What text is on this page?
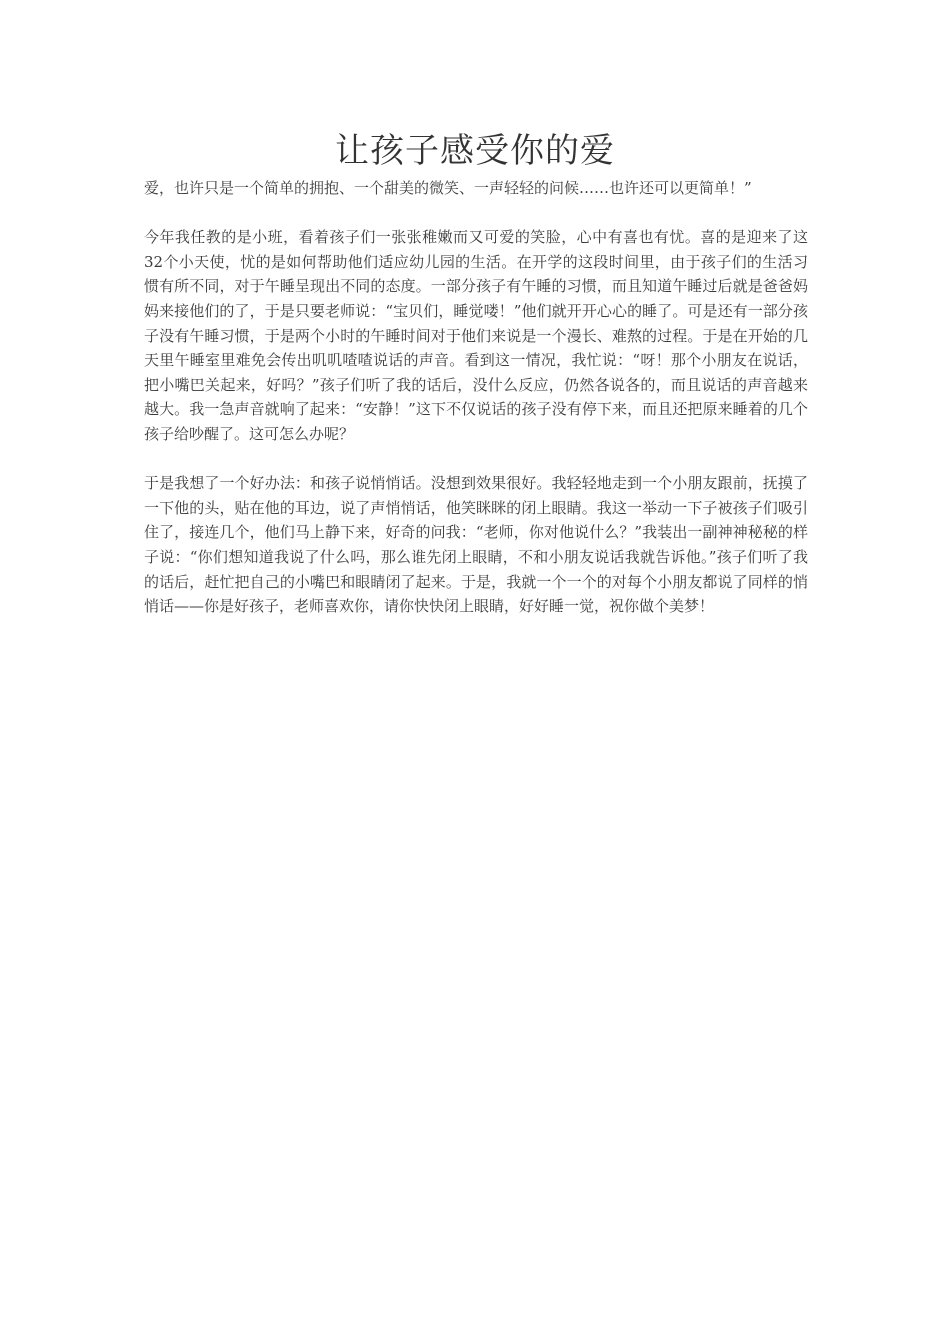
让孩子感受你的爱

爱，也许只是一个简单的拥抱、一个甜美的微笑、一声轻轻的问候……也许还可以更简单！”

今年我任教的是小班，看着孩子们一张张稚嫩而又可爱的笑脸，心中有喜也有忧。喜的是迎来了这32个小天使，忧的是如何帮助他们适应幼儿园的生活。在开学的这段时间里，由于孩子们的生活习惯有所不同，对于午睡呈现出不同的态度。一部分孩子有午睡的习惯，而且知道午睡过后就是爸爸妈妈来接他们的了，于是只要老师说：“宝贝们，睡觉喽！”他们就开开心心的睡了。可是还有一部分孩子没有午睡习惯，于是两个小时的午睡时间对于他们来说是一个漫长、难熬的过程。于是在开始的几天里午睡室里难免会传出叽叽喳喳说话的声音。看到这一情况，我忙说：“呀！那个小朋友在说话，把小嘴巴关起来，好吗？”孩子们听了我的话后，没什么反应，仍然各说各的，而且说话的声音越来越大。我一急声音就响了起来：“安静！”这下不仅说话的孩子没有停下来，而且还把原来睡着的几个孩子给吵醒了。这可怎么办呢？

于是我想了一个好办法：和孩子说悄悄话。没想到效果很好。我轻轻地走到一个小朋友跟前，抚摸了一下他的头，贴在他的耳边，说了声悄悄话，他笑眯眯的闭上眼睛。我这一举动一下子被孩子们吸引住了，接连几个，他们马上静下来，好奇的问我：“老师，你对他说什么？”我装出一副神神秘秘的样子说：“你们想知道我说了什么吗，那么谁先闭上眼睛，不和小朋友说话我就告诉他。”孩子们听了我的话后，赶忙把自己的小嘴巴和眼睛闭了起来。于是，我就一个一个的对每个小朋友都说了同样的悄悄话——你是好孩子，老师喜欢你，请你快快闭上眼睛，好好睡一觉，祝你做个美梦！
